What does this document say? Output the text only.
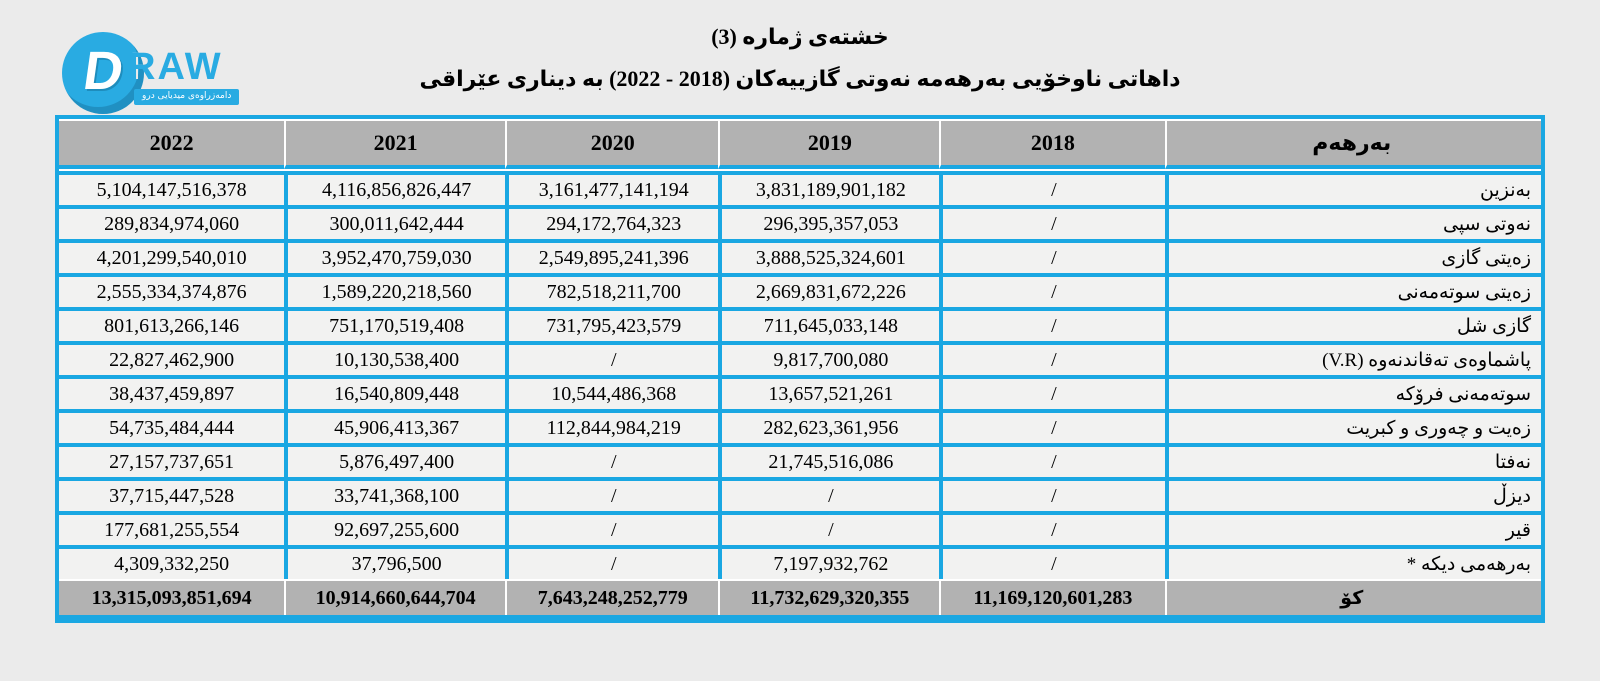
D RAW
دامەزراوەی میدیایی درو
خشتەی ژمارە (3)
داهاتی ناوخۆیی بەرهەمە نەوتی گازییەکان (2018 - 2022) بە دیناری عێراقی
2022	2021	2020	2019	2018	بەرهەم

5,104,147,516,378	4,116,856,826,447	3,161,477,141,194	3,831,189,901,182	/	بەنزین
289,834,974,060	300,011,642,444	294,172,764,323	296,395,357,053	/	نەوتی سپی
4,201,299,540,010	3,952,470,759,030	2,549,895,241,396	3,888,525,324,601	/	زەیتی گازی
2,555,334,374,876	1,589,220,218,560	782,518,211,700	2,669,831,672,226	/	زەیتی سوتەمەنی
801,613,266,146	751,170,519,408	731,795,423,579	711,645,033,148	/	گازی شل
22,827,462,900	10,130,538,400	/	9,817,700,080	/	پاشماوەی تەقاندنەوە (V.R)
38,437,459,897	16,540,809,448	10,544,486,368	13,657,521,261	/	سوتەمەنی فرۆکە
54,735,484,444	45,906,413,367	112,844,984,219	282,623,361,956	/	زەیت و چەوری و کبریت
27,157,737,651	5,876,497,400	/	21,745,516,086	/	نەفتا
37,715,447,528	33,741,368,100	/	/	/	دیزڵ
177,681,255,554	92,697,255,600	/	/	/	قیر
4,309,332,250	37,796,500	/	7,197,932,762	/	بەرهەمی دیکە *

13,315,093,851,694	10,914,660,644,704	7,643,248,252,779	11,732,629,320,355	11,169,120,601,283	کۆ
